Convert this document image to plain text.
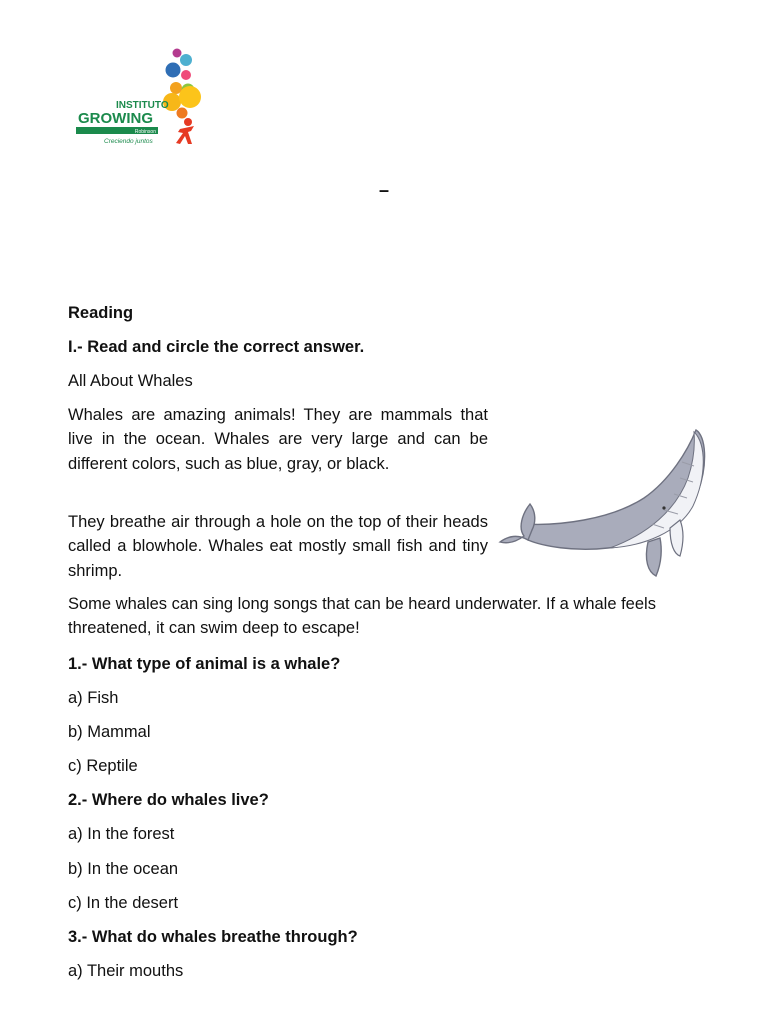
INSTITUTO
GROWING
Robinson
Creciendo juntos
–

Reading

I.- Read and circle the correct answer.

All About Whales

Whales are amazing animals! They are mammals that live in the ocean. Whales are very large and can be different colors, such as blue, gray, or black.

They breathe air through a hole on the top of their heads called a blowhole. Whales eat mostly small fish and tiny shrimp.

Some whales can sing long songs that can be heard underwater. If a whale feels threatened, it can swim deep to escape!

1.- What type of animal is a whale?

a) Fish

b) Mammal

c) Reptile

2.- Where do whales live?

a) In the forest

b) In the ocean

c) In the desert

3.- What do whales breathe through?

a) Their mouths
